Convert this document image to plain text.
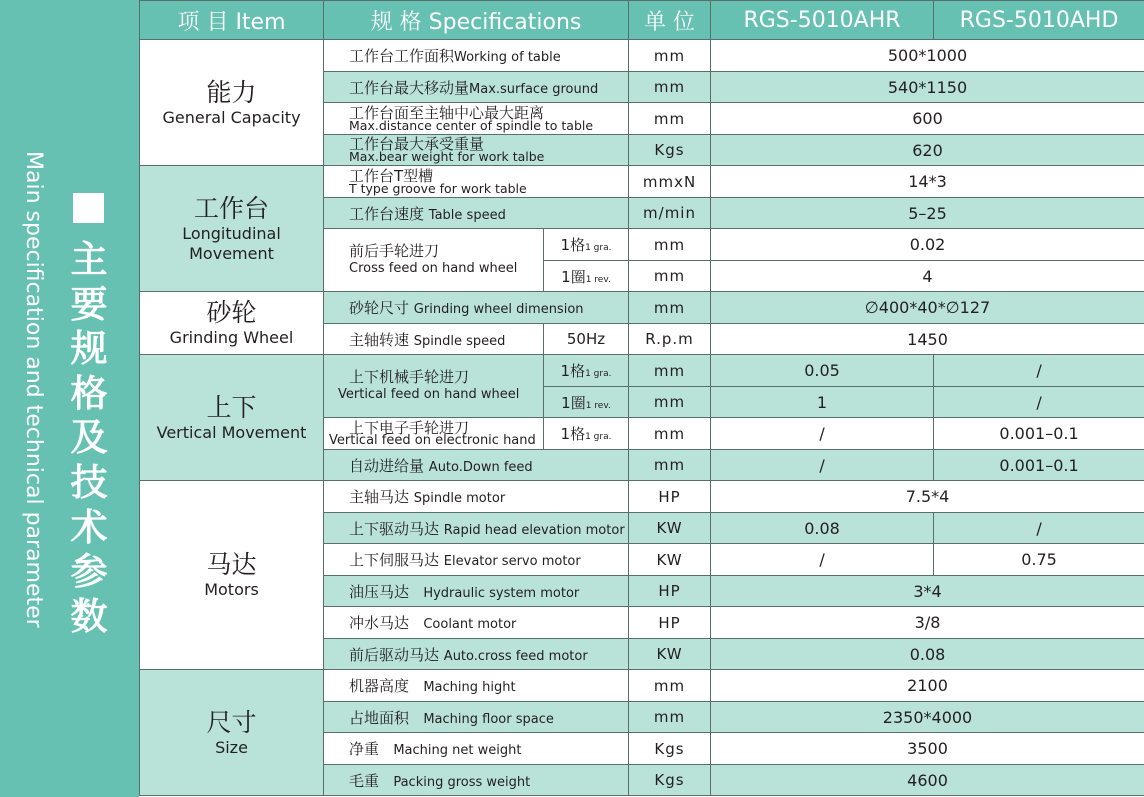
主
要
规
格
及
技
术
参
数
Main specification and technical parameter
项 目 Item	规 格 Specifications		单 位	RGS-5010AHR	RGS-5010AHD

能力
General Capacity	工作台工作面积Working of table		mm	500*1000	
	工作台最大移动量Max.surface ground		mm	540*1150	

	工作台面至主轴中心最大距离
Max.distance center of spindle to table		mm	600	

	工作台最大承受重量
Max.bear weight for work talbe		Kgs	620	

工作台
Longitudinal
Movement	工作台T型槽
T type groove for work table		mmxN	14*3	
	工作台速度 Table speed		m/min	5–25	

	前后手轮进刀
Cross feed on hand wheel	1格1 gra.	mm	0.02	
		1圈1 rev.	mm	4	

砂轮
Grinding Wheel	砂轮尺寸 Grinding wheel dimension		mm	∅400*40*∅127	
	主轴转速 Spindle speed	50Hz	R.p.m	1450	

上下
Vertical Movement	上下机械手轮进刀
Vertical feed on hand wheel	1格1 gra.	mm	0.05	/
		1圈1 rev.	mm	1	/

	上下电子手轮进刀
Vertical feed on electronic hand	1格1 gra.	mm	/	0.001–0.1
	自动进给量 Auto.Down feed		mm	/	0.001–0.1

马达
Motors	主轴马达 Spindle motor		HP	7.5*4	
	上下驱动马达 Rapid head elevation motor		KW	0.08	/
	上下伺服马达 Elevator servo motor		KW	/	0.75
	油压马达 Hydraulic system motor		HP	3*4	
	冲水马达 Coolant motor		HP	3/8	
	前后驱动马达 Auto.cross feed motor		KW	0.08	

尺寸
Size	机器高度 Maching hight		mm	2100	
	占地面积 Maching floor space		mm	2350*4000	
	净重 Maching net weight		Kgs	3500	
	毛重 Packing gross weight		Kgs	4600	
